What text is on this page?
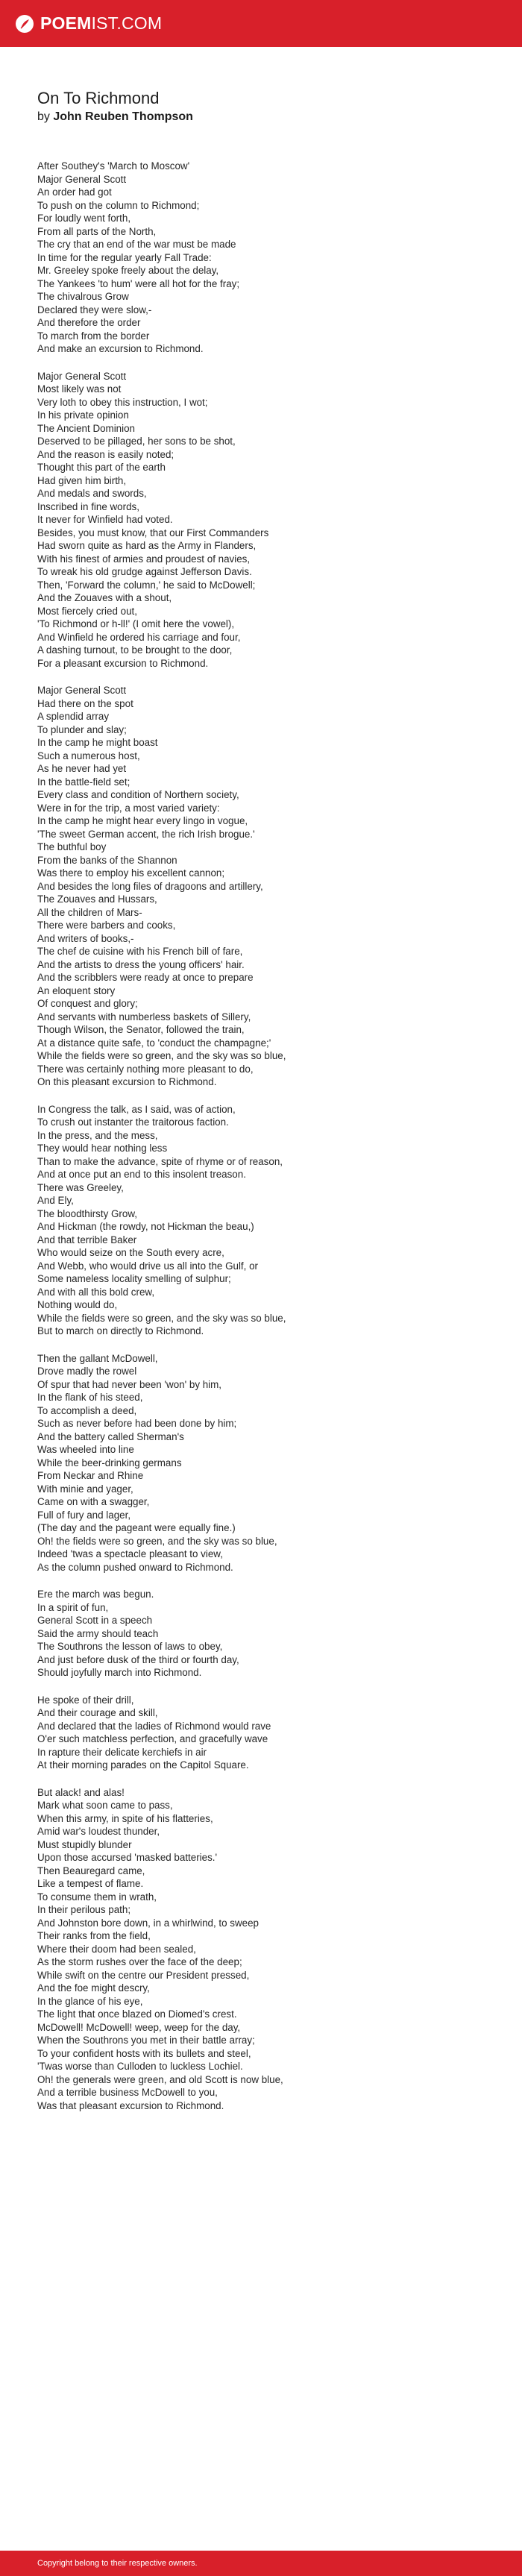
POEM IST.COM
On To Richmond

by John Reuben Thompson

After Southey's 'March to Moscow'
Major General Scott
An order had got
To push on the column to Richmond;
For loudly went forth,
From all parts of the North,
The cry that an end of the war must be made
In time for the regular yearly Fall Trade:
Mr. Greeley spoke freely about the delay,
The Yankees 'to hum' were all hot for the fray;
The chivalrous Grow
Declared they were slow,-
And therefore the order
To march from the border
And make an excursion to Richmond.
Major General Scott
Most likely was not
Very loth to obey this instruction, I wot;
In his private opinion
The Ancient Dominion
Deserved to be pillaged, her sons to be shot,
And the reason is easily noted;
Thought this part of the earth
Had given him birth,
And medals and swords,
Inscribed in fine words,
It never for Winfield had voted.
Besides, you must know, that our First Commanders
Had sworn quite as hard as the Army in Flanders,
With his finest of armies and proudest of navies,
To wreak his old grudge against Jefferson Davis.
Then, 'Forward the column,' he said to McDowell;
And the Zouaves with a shout,
Most fiercely cried out,
'To Richmond or h-ll!' (I omit here the vowel),
And Winfield he ordered his carriage and four,
A dashing turnout, to be brought to the door,
For a pleasant excursion to Richmond.
Major General Scott
Had there on the spot
A splendid array
To plunder and slay;
In the camp he might boast
Such a numerous host,
As he never had yet
In the battle-field set;
Every class and condition of Northern society,
Were in for the trip, a most varied variety:
In the camp he might hear every lingo in vogue,
'The sweet German accent, the rich Irish brogue.'
The buthful boy
From the banks of the Shannon
Was there to employ his excellent cannon;
And besides the long files of dragoons and artillery,
The Zouaves and Hussars,
All the children of Mars-
There were barbers and cooks,
And writers of books,-
The chef de cuisine with his French bill of fare,
And the artists to dress the young officers' hair.
And the scribblers were ready at once to prepare
An eloquent story
Of conquest and glory;
And servants with numberless baskets of Sillery,
Though Wilson, the Senator, followed the train,
At a distance quite safe, to 'conduct the champagne;'
While the fields were so green, and the sky was so blue,
There was certainly nothing more pleasant to do,
On this pleasant excursion to Richmond.
In Congress the talk, as I said, was of action,
To crush out instanter the traitorous faction.
In the press, and the mess,
They would hear nothing less
Than to make the advance, spite of rhyme or of reason,
And at once put an end to this insolent treason.
There was Greeley,
And Ely,
The bloodthirsty Grow,
And Hickman (the rowdy, not Hickman the beau,)
And that terrible Baker
Who would seize on the South every acre,
And Webb, who would drive us all into the Gulf, or
Some nameless locality smelling of sulphur;
And with all this bold crew,
Nothing would do,
While the fields were so green, and the sky was so blue,
But to march on directly to Richmond.
Then the gallant McDowell,
Drove madly the rowel
Of spur that had never been 'won' by him,
In the flank of his steed,
To accomplish a deed,
Such as never before had been done by him;
And the battery called Sherman's
Was wheeled into line
While the beer-drinking germans
From Neckar and Rhine
With minie and yager,
Came on with a swagger,
Full of fury and lager,
(The day and the pageant were equally fine.)
Oh! the fields were so green, and the sky was so blue,
Indeed 'twas a spectacle pleasant to view,
As the column pushed onward to Richmond.
Ere the march was begun.
In a spirit of fun,
General Scott in a speech
Said the army should teach
The Southrons the lesson of laws to obey,
And just before dusk of the third or fourth day,
Should joyfully march into Richmond.
He spoke of their drill,
And their courage and skill,
And declared that the ladies of Richmond would rave
O'er such matchless perfection, and gracefully wave
In rapture their delicate kerchiefs in air
At their morning parades on the Capitol Square.
But alack! and alas!
Mark what soon came to pass,
When this army, in spite of his flatteries,
Amid war's loudest thunder,
Must stupidly blunder
Upon those accursed 'masked batteries.'
Then Beauregard came,
Like a tempest of flame.
To consume them in wrath,
In their perilous path;
And Johnston bore down, in a whirlwind, to sweep
Their ranks from the field,
Where their doom had been sealed,
As the storm rushes over the face of the deep;
While swift on the centre our President pressed,
And the foe might descry,
In the glance of his eye,
The light that once blazed on Diomed's crest.
McDowell! McDowell! weep, weep for the day,
When the Southrons you met in their battle array;
To your confident hosts with its bullets and steel,
'Twas worse than Culloden to luckless Lochiel.
Oh! the generals were green, and old Scott is now blue,
And a terrible business McDowell to you,
Was that pleasant excursion to Richmond.
Copyright belong to their respective owners.
